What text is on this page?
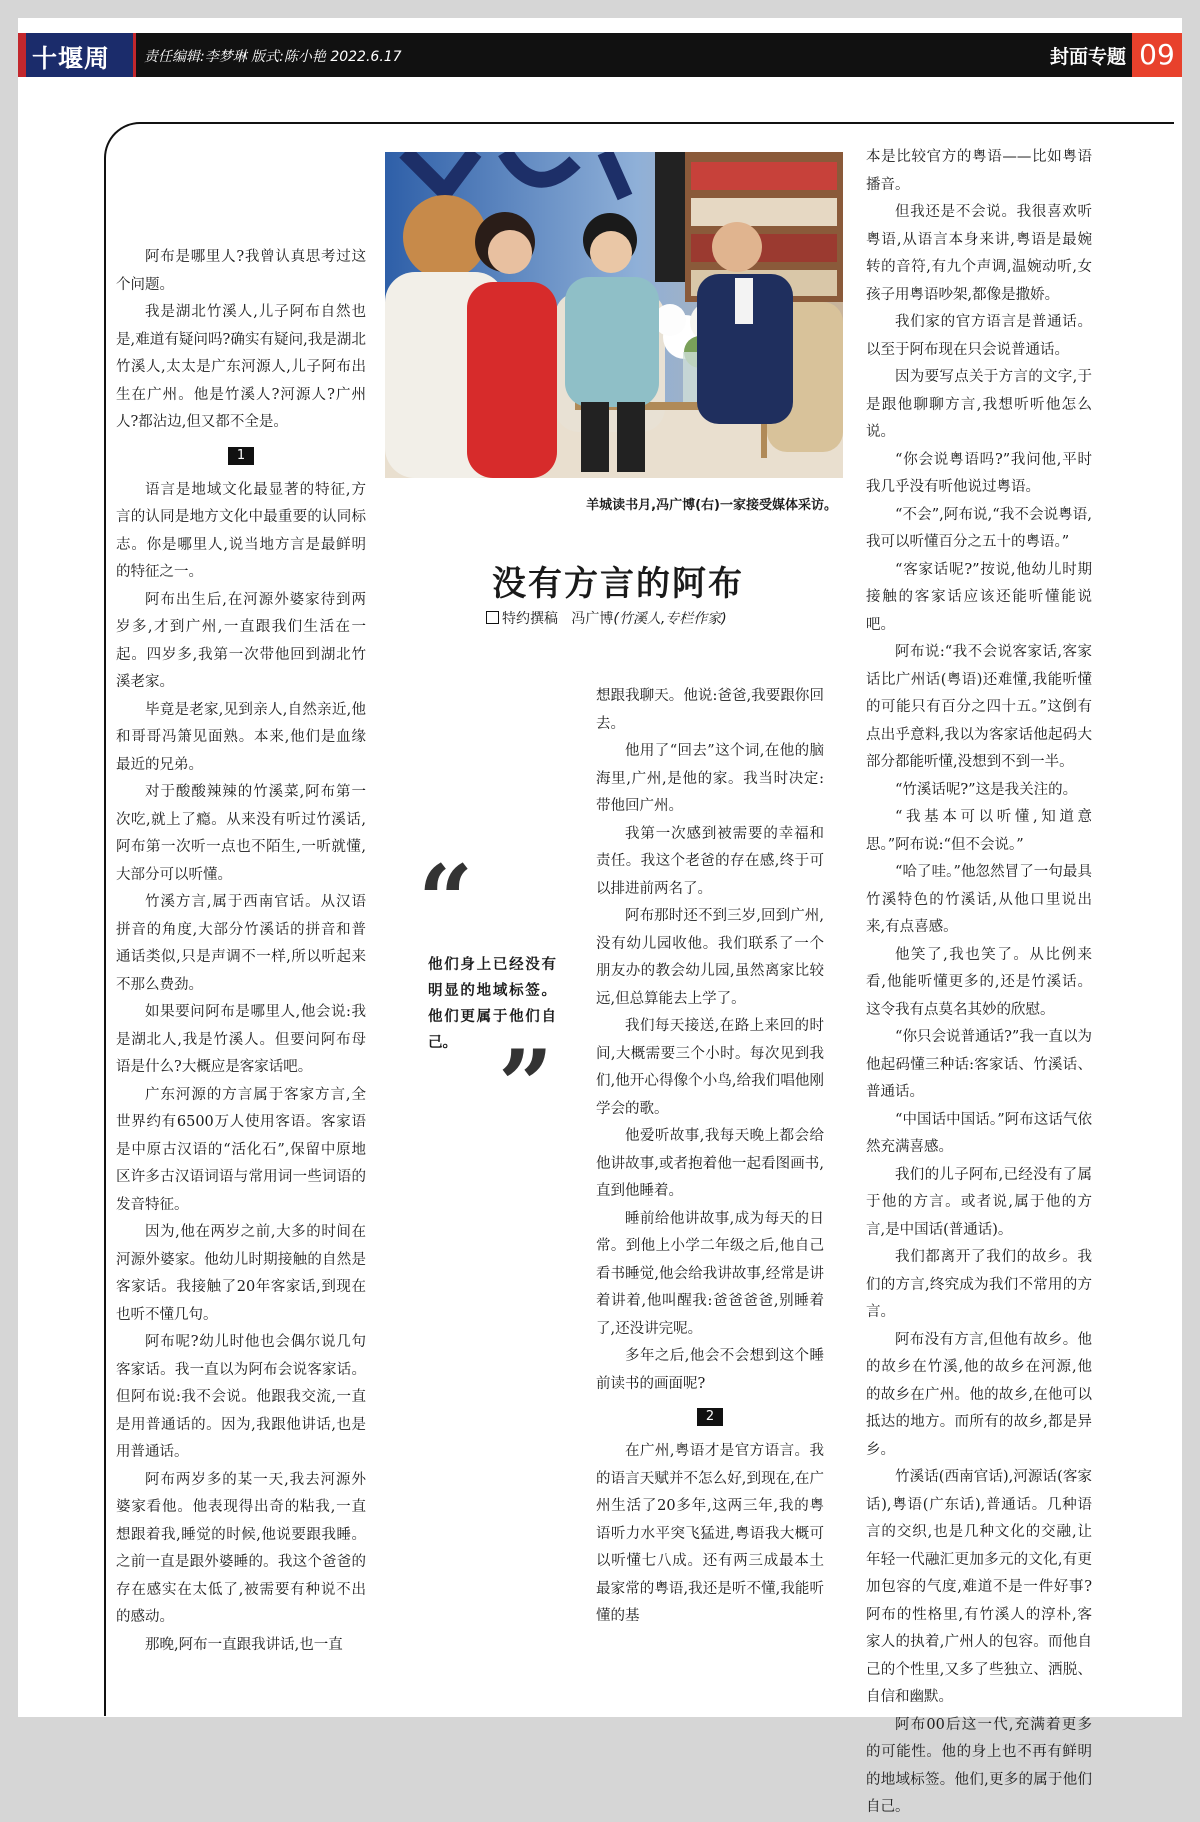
十堰周刊
责任编辑:李梦琳 版式:陈小艳 2022.6.17	封面专题 09
羊城读书月,冯广博(右)一家接受媒体采访。
没有方言的阿布
特约撰稿 冯广博(竹溪人,专栏作家)
“
他们身上已经没有明显的地域标签。他们更属于他们自己。 ”

阿布是哪里人?我曾认真思考过这个问题。

我是湖北竹溪人,儿子阿布自然也是,难道有疑问吗?确实有疑问,我是湖北竹溪人,太太是广东河源人,儿子阿布出生在广州。他是竹溪人?河源人?广州人?都沾边,但又都不全是。

1

语言是地域文化最显著的特征,方言的认同是地方文化中最重要的认同标志。你是哪里人,说当地方言是最鲜明的特征之一。

阿布出生后,在河源外婆家待到两岁多,才到广州,一直跟我们生活在一起。四岁多,我第一次带他回到湖北竹溪老家。

毕竟是老家,见到亲人,自然亲近,他和哥哥冯箫见面熟。本来,他们是血缘最近的兄弟。

对于酸酸辣辣的竹溪菜,阿布第一次吃,就上了瘾。从来没有听过竹溪话,阿布第一次听一点也不陌生,一听就懂,大部分可以听懂。

竹溪方言,属于西南官话。从汉语拼音的角度,大部分竹溪话的拼音和普通话类似,只是声调不一样,所以听起来不那么费劲。

如果要问阿布是哪里人,他会说:我是湖北人,我是竹溪人。但要问阿布母语是什么?大概应是客家话吧。

广东河源的方言属于客家方言,全世界约有6500万人使用客语。客家语是中原古汉语的“活化石”,保留中原地区许多古汉语词语与常用词一些词语的发音特征。

因为,他在两岁之前,大多的时间在河源外婆家。他幼儿时期接触的自然是客家话。我接触了20年客家话,到现在也听不懂几句。

阿布呢?幼儿时他也会偶尔说几句客家话。我一直以为阿布会说客家话。但阿布说:我不会说。他跟我交流,一直是用普通话的。因为,我跟他讲话,也是用普通话。

阿布两岁多的某一天,我去河源外婆家看他。他表现得出奇的粘我,一直想跟着我,睡觉的时候,他说要跟我睡。之前一直是跟外婆睡的。我这个爸爸的存在感实在太低了,被需要有种说不出的感动。

那晚,阿布一直跟我讲话,也一直

想跟我聊天。他说:爸爸,我要跟你回去。

他用了“回去”这个词,在他的脑海里,广州,是他的家。我当时决定:带他回广州。

我第一次感到被需要的幸福和责任。我这个老爸的存在感,终于可以排进前两名了。

阿布那时还不到三岁,回到广州,没有幼儿园收他。我们联系了一个朋友办的教会幼儿园,虽然离家比较远,但总算能去上学了。

我们每天接送,在路上来回的时间,大概需要三个小时。每次见到我们,他开心得像个小鸟,给我们唱他刚学会的歌。

他爱听故事,我每天晚上都会给他讲故事,或者抱着他一起看图画书,直到他睡着。

睡前给他讲故事,成为每天的日常。到他上小学二年级之后,他自己看书睡觉,他会给我讲故事,经常是讲着讲着,他叫醒我:爸爸爸爸,别睡着了,还没讲完呢。

多年之后,他会不会想到这个睡前读书的画面呢?

2

在广州,粤语才是官方语言。我的语言天赋并不怎么好,到现在,在广州生活了20多年,这两三年,我的粤语听力水平突飞猛进,粤语我大概可以听懂七八成。还有两三成最本土最家常的粤语,我还是听不懂,我能听懂的基

本是比较官方的粤语——比如粤语播音。

但我还是不会说。我很喜欢听粤语,从语言本身来讲,粤语是最婉转的音符,有九个声调,温婉动听,女孩子用粤语吵架,都像是撒娇。

我们家的官方语言是普通话。以至于阿布现在只会说普通话。

因为要写点关于方言的文字,于是跟他聊聊方言,我想听听他怎么说。

“你会说粤语吗?”我问他,平时我几乎没有听他说过粤语。

“不会”,阿布说,“我不会说粤语,我可以听懂百分之五十的粤语。”

“客家话呢?”按说,他幼儿时期接触的客家话应该还能听懂能说吧。

阿布说:“我不会说客家话,客家话比广州话(粤语)还难懂,我能听懂的可能只有百分之四十五。”这倒有点出乎意料,我以为客家话他起码大部分都能听懂,没想到不到一半。

“竹溪话呢?”这是我关注的。

“我基本可以听懂,知道意思。”阿布说:“但不会说。”

“哈了哇。”他忽然冒了一句最具竹溪特色的竹溪话,从他口里说出来,有点喜感。

他笑了,我也笑了。从比例来看,他能听懂更多的,还是竹溪话。这令我有点莫名其妙的欣慰。

“你只会说普通话?”我一直以为他起码懂三种话:客家话、竹溪话、普通话。

“中国话中国话。”阿布这话气依然充满喜感。

我们的儿子阿布,已经没有了属于他的方言。或者说,属于他的方言,是中国话(普通话)。

我们都离开了我们的故乡。我们的方言,终究成为我们不常用的方言。

阿布没有方言,但他有故乡。他的故乡在竹溪,他的故乡在河源,他的故乡在广州。他的故乡,在他可以抵达的地方。而所有的故乡,都是异乡。

竹溪话(西南官话),河源话(客家话),粤语(广东话),普通话。几种语言的交织,也是几种文化的交融,让年轻一代融汇更加多元的文化,有更加包容的气度,难道不是一件好事?阿布的性格里,有竹溪人的淳朴,客家人的执着,广州人的包容。而他自己的个性里,又多了些独立、洒脱、自信和幽默。

阿布00后这一代,充满着更多的可能性。他的身上也不再有鲜明的地域标签。他们,更多的属于他们自己。
